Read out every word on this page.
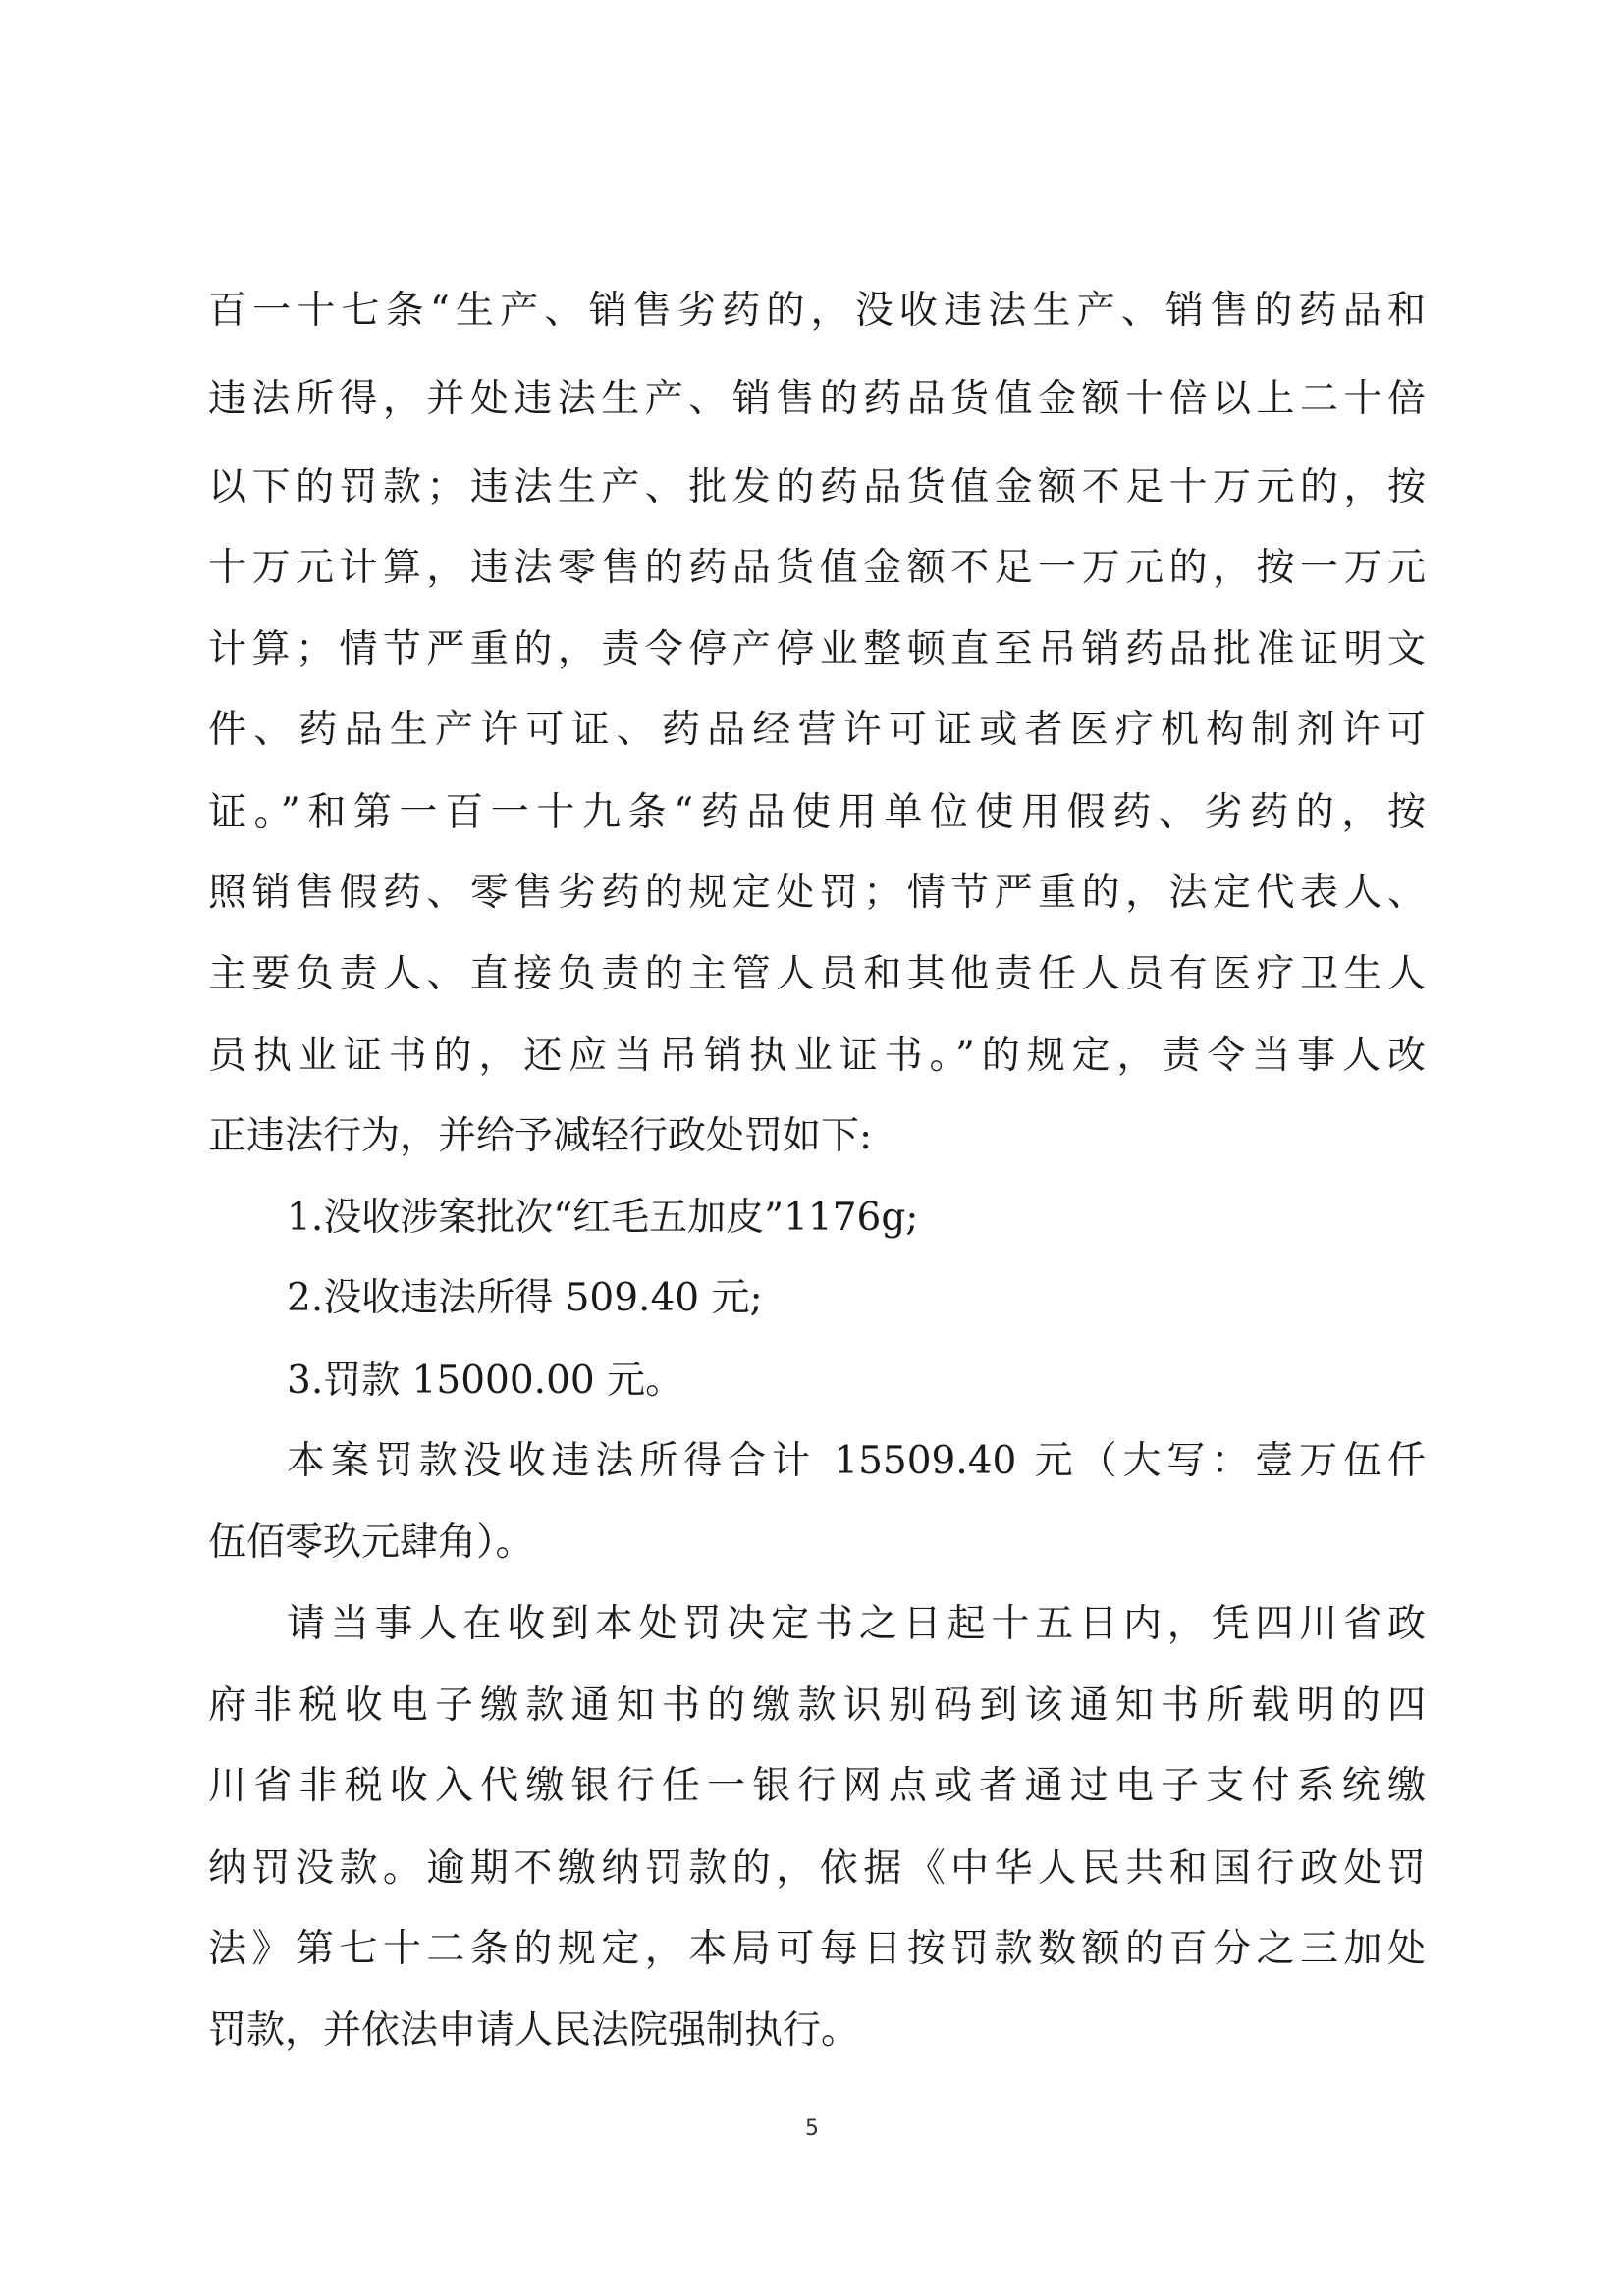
百一十七条“生产、销售劣药的，没收违法生产、销售的药品和
违法所得，并处违法生产、销售的药品货值金额十倍以上二十倍
以下的罚款；违法生产、批发的药品货值金额不足十万元的，按
十万元计算，违法零售的药品货值金额不足一万元的，按一万元
计算；情节严重的，责令停产停业整顿直至吊销药品批准证明文
件、药品生产许可证、药品经营许可证或者医疗机构制剂许可
证。”和第一百一十九条“药品使用单位使用假药、劣药的，按
照销售假药、零售劣药的规定处罚；情节严重的，法定代表人、
主要负责人、直接负责的主管人员和其他责任人员有医疗卫生人
员执业证书的，还应当吊销执业证书。”的规定，责令当事人改
正违法行为，并给予减轻行政处罚如下:
1.没收涉案批次“红毛五加皮”1176g;
2.没收违法所得 509.40 元;
3.罚款 15000.00 元。
本案罚款没收违法所得合计 15509.40 元（大写：壹万伍仟
伍佰零玖元肆角）。
请当事人在收到本处罚决定书之日起十五日内，凭四川省政
府非税收电子缴款通知书的缴款识别码到该通知书所载明的四
川省非税收入代缴银行任一银行网点或者通过电子支付系统缴
纳罚没款。逾期不缴纳罚款的，依据《中华人民共和国行政处罚
法》第七十二条的规定，本局可每日按罚款数额的百分之三加处
罚款，并依法申请人民法院强制执行。
5
